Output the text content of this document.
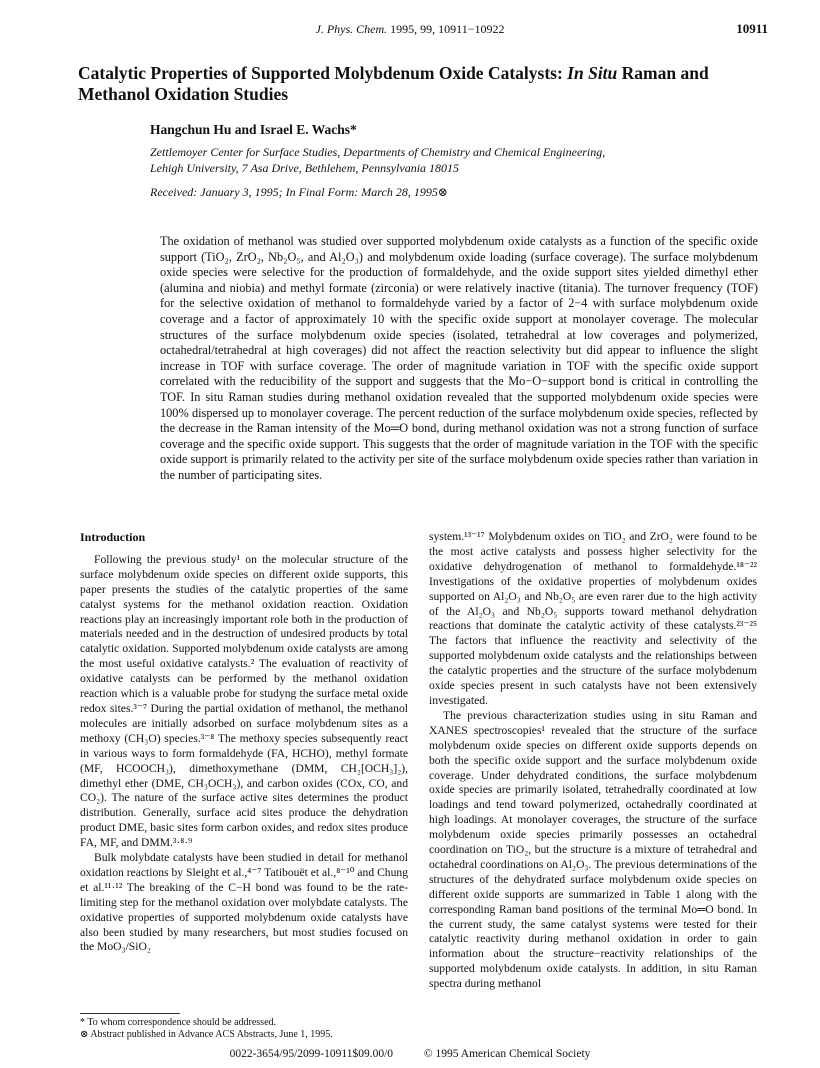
J. Phys. Chem. 1995, 99, 10911−10922	10911
Catalytic Properties of Supported Molybdenum Oxide Catalysts: In Situ Raman and Methanol Oxidation Studies
Hangchun Hu and Israel E. Wachs*
Zettlemoyer Center for Surface Studies, Departments of Chemistry and Chemical Engineering,
Lehigh University, 7 Asa Drive, Bethlehem, Pennsylvania 18015
Received: January 3, 1995; In Final Form: March 28, 1995⊗
The oxidation of methanol was studied over supported molybdenum oxide catalysts as a function of the specific oxide support (TiO₂, ZrO₂, Nb₂O₅, and Al₂O₃) and molybdenum oxide loading (surface coverage). The surface molybdenum oxide species were selective for the production of formaldehyde, and the oxide support sites yielded dimethyl ether (alumina and niobia) and methyl formate (zirconia) or were relatively inactive (titania). The turnover frequency (TOF) for the selective oxidation of methanol to formaldehyde varied by a factor of 2−4 with surface molybdenum oxide coverage and a factor of approximately 10 with the specific oxide support at monolayer coverage. The molecular structures of the surface molybdenum oxide species (isolated, tetrahedral at low coverages and polymerized, octahedral/tetrahedral at high coverages) did not affect the reaction selectivity but did appear to influence the slight increase in TOF with surface coverage. The order of magnitude variation in TOF with the specific oxide support correlated with the reducibility of the support and suggests that the Mo−O−support bond is critical in controlling the TOF. In situ Raman studies during methanol oxidation revealed that the supported molybdenum oxide species were 100% dispersed up to monolayer coverage. The percent reduction of the surface molybdenum oxide species, reflected by the decrease in the Raman intensity of the Mo═O bond, during methanol oxidation was not a strong function of surface coverage and the specific oxide support. This suggests that the order of magnitude variation in the TOF with the specific oxide support is primarily related to the activity per site of the surface molybdenum oxide species rather than variation in the number of participating sites.
Introduction

Following the previous study¹ on the molecular structure of the surface molybdenum oxide species on different oxide supports, this paper presents the studies of the catalytic properties of the same catalyst systems for the methanol oxidation reaction. Oxidation reactions play an increasingly important role both in the production of materials needed and in the destruction of undesired products by total catalytic oxidation. Supported molybdenum oxide catalysts are among the most useful oxidative catalysts.² The evaluation of reactivity of oxidative catalysts can be performed by the methanol oxidation reaction which is a valuable probe for studyng the surface metal oxide redox sites.³⁻⁷ During the partial oxidation of methanol, the methanol molecules are initially adsorbed on surface molybdenum sites as a methoxy (CH₃O) species.³⁻⁸ The methoxy species subsequently react in various ways to form formaldehyde (FA, HCHO), methyl formate (MF, HCOOCH₃), dimethoxymethane (DMM, CH₂[OCH₃]₂), dimethyl ether (DME, CH₃OCH₃), and carbon oxides (COx, CO, and CO₂). The nature of the surface active sites determines the product distribution. Generally, surface acid sites produce the dehydration product DME, basic sites form carbon oxides, and redox sites produce FA, MF, and DMM.³·⁸·⁹

Bulk molybdate catalysts have been studied in detail for methanol oxidation reactions by Sleight et al.,⁴⁻⁷ Tatibouët et al.,⁸⁻¹⁰ and Chung et al.¹¹·¹² The breaking of the C−H bond was found to be the rate-limiting step for the methanol oxidation over molybdate catalysts. The oxidative properties of supported molybdenum oxide catalysts have also been studied by many researchers, but most studies focused on the MoO₃/SiO₂

system.¹³⁻¹⁷ Molybdenum oxides on TiO₂ and ZrO₂ were found to be the most active catalysts and possess higher selectivity for the oxidative dehydrogenation of methanol to formaldehyde.¹⁸⁻²² Investigations of the oxidative properties of molybdenum oxides supported on Al₂O₃ and Nb₂O₅ are even rarer due to the high activity of the Al₂O₃ and Nb₂O₅ supports toward methanol dehydration reactions that dominate the catalytic activity of these catalysts.²³⁻²⁵ The factors that influence the reactivity and selectivity of the supported molybdenum oxide catalysts and the relationships between the catalytic properties and the structure of the surface molybdenum oxide species present in such catalysts have not been extensively investigated.

The previous characterization studies using in situ Raman and XANES spectroscopies¹ revealed that the structure of the surface molybdenum oxide species on different oxide supports depends on both the specific oxide support and the surface molybdenum oxide coverage. Under dehydrated conditions, the surface molybdenum oxide species are primarily isolated, tetrahedrally coordinated at low loadings and tend toward polymerized, octahedrally coordinated at high loadings. At monolayer coverages, the structure of the surface molybdenum oxide species primarily possesses an octahedral coordination on TiO₂, but the structure is a mixture of tetrahedral and octahedral coordinations on Al₂O₃. The previous determinations of the structures of the dehydrated surface molybdenum oxide species on different oxide supports are summarized in Table 1 along with the corresponding Raman band positions of the terminal Mo═O bond. In the current study, the same catalyst systems were tested for their catalytic reactivity during methanol oxidation in order to gain information about the structure−reactivity relationships of the supported molybdenum oxide catalysts. In addition, in situ Raman spectra during methanol

* To whom correspondence should be addressed.
⊗ Abstract published in Advance ACS Abstracts, June 1, 1995.
0022-3654/95/2099-10911$09.00/0	© 1995 American Chemical Society
